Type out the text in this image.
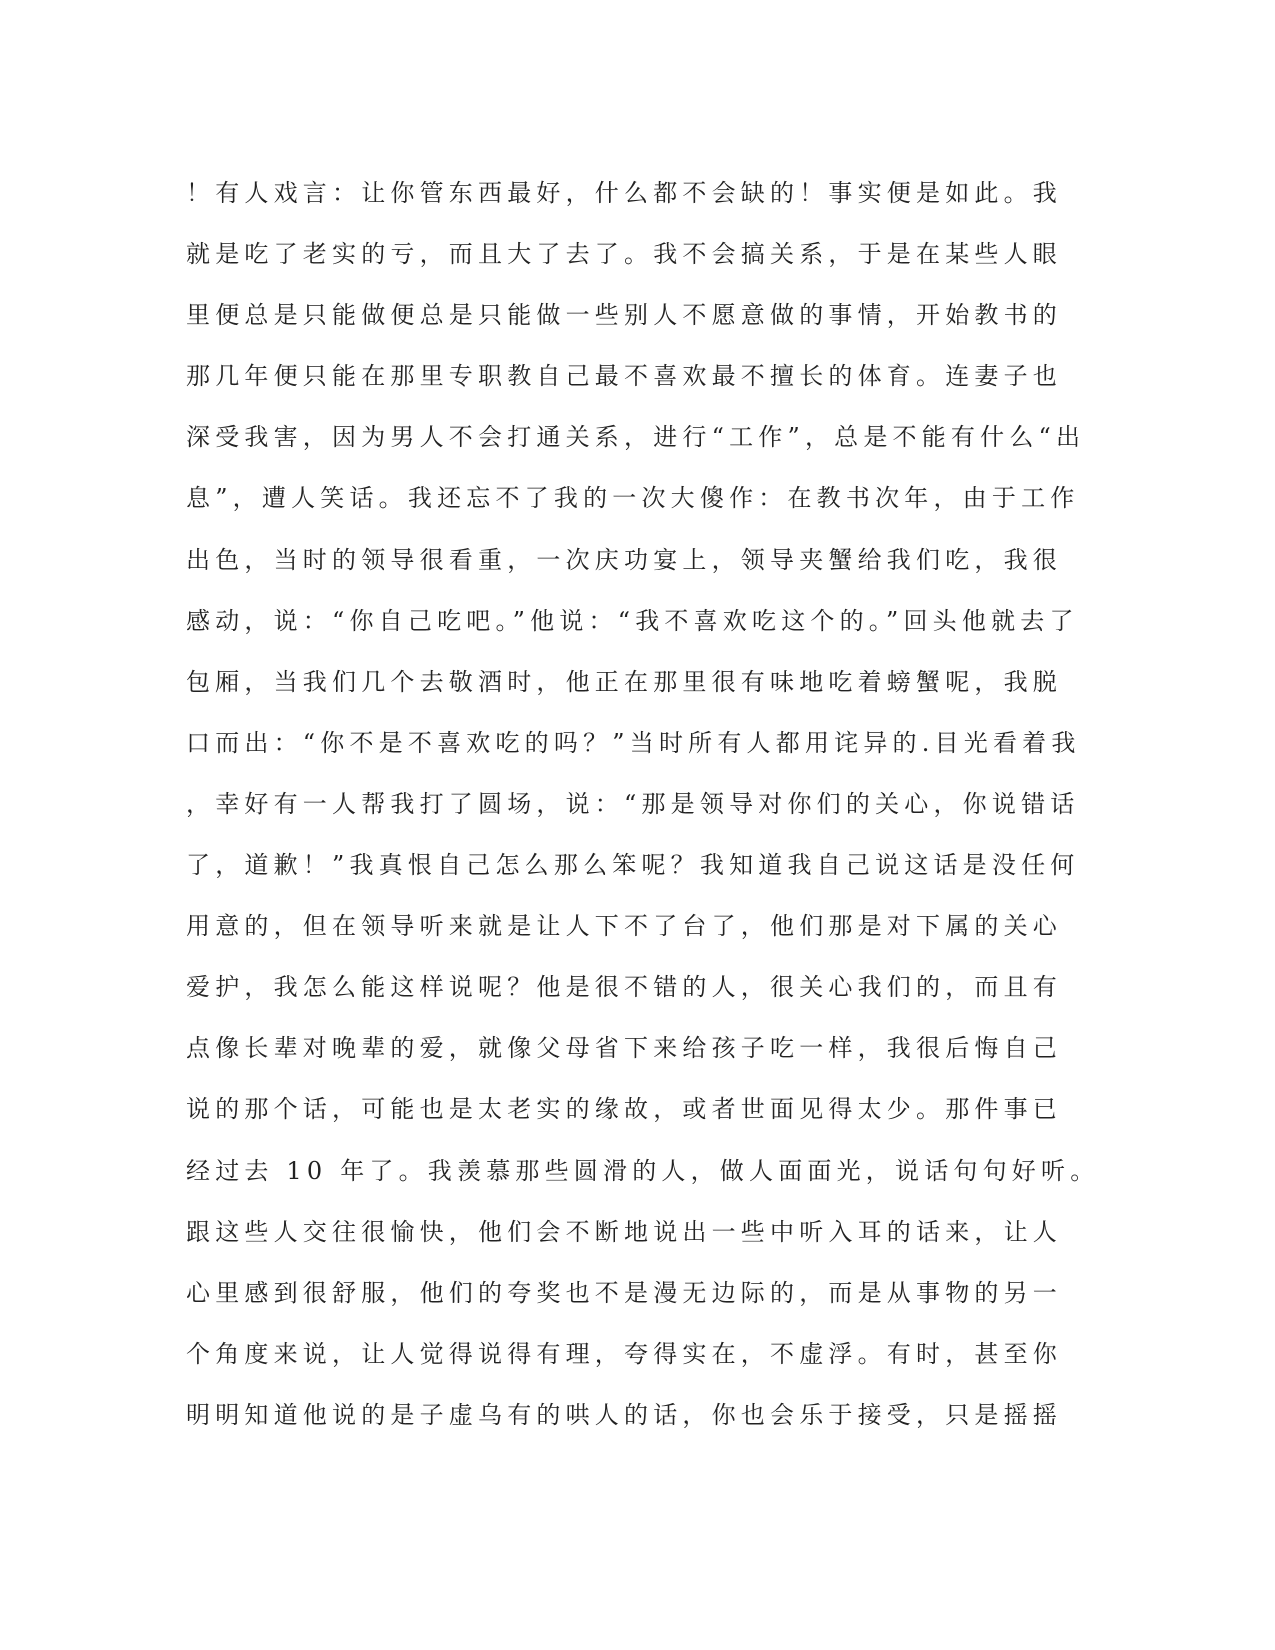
！有人戏言：让你管东西最好，什么都不会缺的！事实便是如此。我
就是吃了老实的亏，而且大了去了。我不会搞关系，于是在某些人眼
里便总是只能做便总是只能做一些别人不愿意做的事情，开始教书的
那几年便只能在那里专职教自己最不喜欢最不擅长的体育。连妻子也
深受我害，因为男人不会打通关系，进行“工作”，总是不能有什么“出
息”，遭人笑话。我还忘不了我的一次大傻作：在教书次年，由于工作
出色，当时的领导很看重，一次庆功宴上，领导夹蟹给我们吃，我很
感动，说：“你自己吃吧。”他说：“我不喜欢吃这个的。”回头他就去了
包厢，当我们几个去敬酒时，他正在那里很有味地吃着螃蟹呢，我脱
口而出：“你不是不喜欢吃的吗？”当时所有人都用诧异的.目光看着我
，幸好有一人帮我打了圆场，说：“那是领导对你们的关心，你说错话
了，道歉！”我真恨自己怎么那么笨呢？我知道我自己说这话是没任何
用意的，但在领导听来就是让人下不了台了，他们那是对下属的关心
爱护，我怎么能这样说呢？他是很不错的人，很关心我们的，而且有
点像长辈对晚辈的爱，就像父母省下来给孩子吃一样，我很后悔自己
说的那个话，可能也是太老实的缘故，或者世面见得太少。那件事已
经过去 10 年了。我羡慕那些圆滑的人，做人面面光，说话句句好听。
跟这些人交往很愉快，他们会不断地说出一些中听入耳的话来，让人
心里感到很舒服，他们的夸奖也不是漫无边际的，而是从事物的另一
个角度来说，让人觉得说得有理，夸得实在，不虚浮。有时，甚至你
明明知道他说的是子虚乌有的哄人的话，你也会乐于接受，只是摇摇
